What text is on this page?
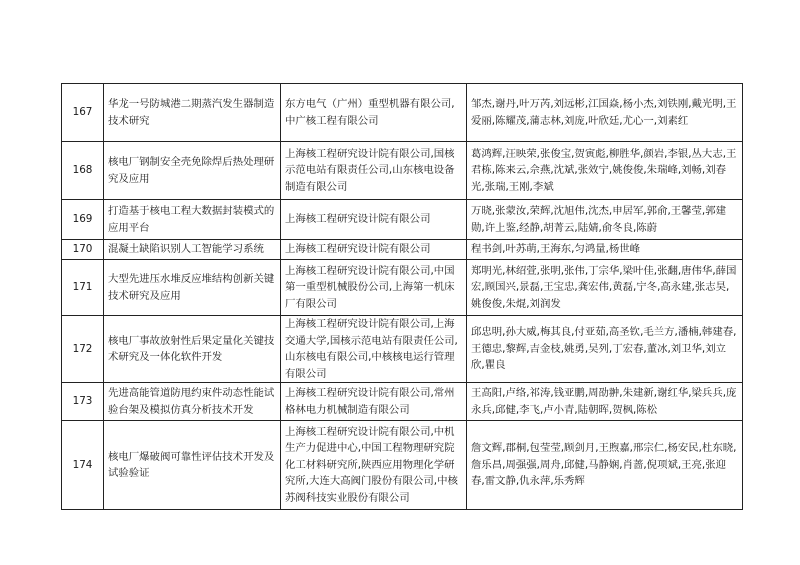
167	华龙一号防城港二期蒸汽发生器制造技术研究	东方电气（广州）重型机器有限公司,中广核工程有限公司	邹杰,谢丹,叶万芮,刘远彬,江国焱,杨小杰,刘铁刚,戴光明,王爱丽,陈耀茂,蒲志林,刘庞,叶欣廷,尤心一,刘素红
168	核电厂钢制安全壳免除焊后热处理研究及应用	上海核工程研究设计院有限公司,国核示范电站有限责任公司,山东核电设备制造有限公司	葛鸿辉,汪映荣,张俊宝,贺寅彪,柳胜华,颜岩,李银,丛大志,王君栋,陈来云,佘燕,沈斌,张效宁,姚俊俊,朱瑞峰,刘畅,刘春光,张瑞,王刚,李斌
169	打造基于核电工程大数据封装模式的应用平台	上海核工程研究设计院有限公司	万晓,张蒙汝,荣辉,沈旭伟,沈杰,申居军,郭俞,王馨莹,郭建勋,许上鉴,经静,胡菁云,陆婧,俞冬良,陈蔚
170	混凝土缺陷识别人工智能学习系统	上海核工程研究设计院有限公司	程书剑,叶苏萌,王海东,匀鸿量,杨世峰
171	大型先进压水堆反应堆结构创新关键技术研究及应用	上海核工程研究设计院有限公司,中国第一重型机械股份公司,上海第一机床厂有限公司	郑明光,林绍萱,张明,张伟,丁宗华,梁叶佳,张翻,唐伟华,薛国宏,顾国兴,景磊,王宝忠,龚宏伟,黄磊,宁冬,高永建,张志昊,姚俊俊,朱焜,刘润发
172	核电厂事故放射性后果定量化关键技术研究及一体化软件开发	上海核工程研究设计院有限公司,上海交通大学,国核示范电站有限责任公司,山东核电有限公司,中核核电运行管理有限公司	邱忠明,孙大威,梅其良,付亚茹,高圣钦,毛兰方,潘楠,韩建春,王德忠,黎辉,吉金枝,姚勇,吴列,丁宏春,董冰,刘卫华,刘立欣,瞿良
173	先进高能管道防甩约束件动态性能试验台架及模拟仿真分析技术开发	上海核工程研究设计院有限公司,常州格林电力机械制造有限公司	王高阳,卢络,祁涛,钱亚鹏,周劭翀,朱建新,谢红华,梁兵兵,庞永兵,邱健,李飞,卢小青,陆朝晖,贺枫,陈松
174	核电厂爆破阀可靠性评估技术开发及试验验证	上海核工程研究设计院有限公司,中机生产力促进中心,中国工程物理研究院化工材料研究所,陕西应用物理化学研究所,大连大高阀门股份有限公司,中核苏阀科技实业股份有限公司	詹文辉,郡桐,包莹莹,顾剑月,王煦嘉,邢宗仁,杨安民,杜东晓,詹乐昌,周强强,周舟,邱健,马静娴,肖蔷,倪项斌,王亮,张迎春,雷文静,仇永萍,乐秀辉
